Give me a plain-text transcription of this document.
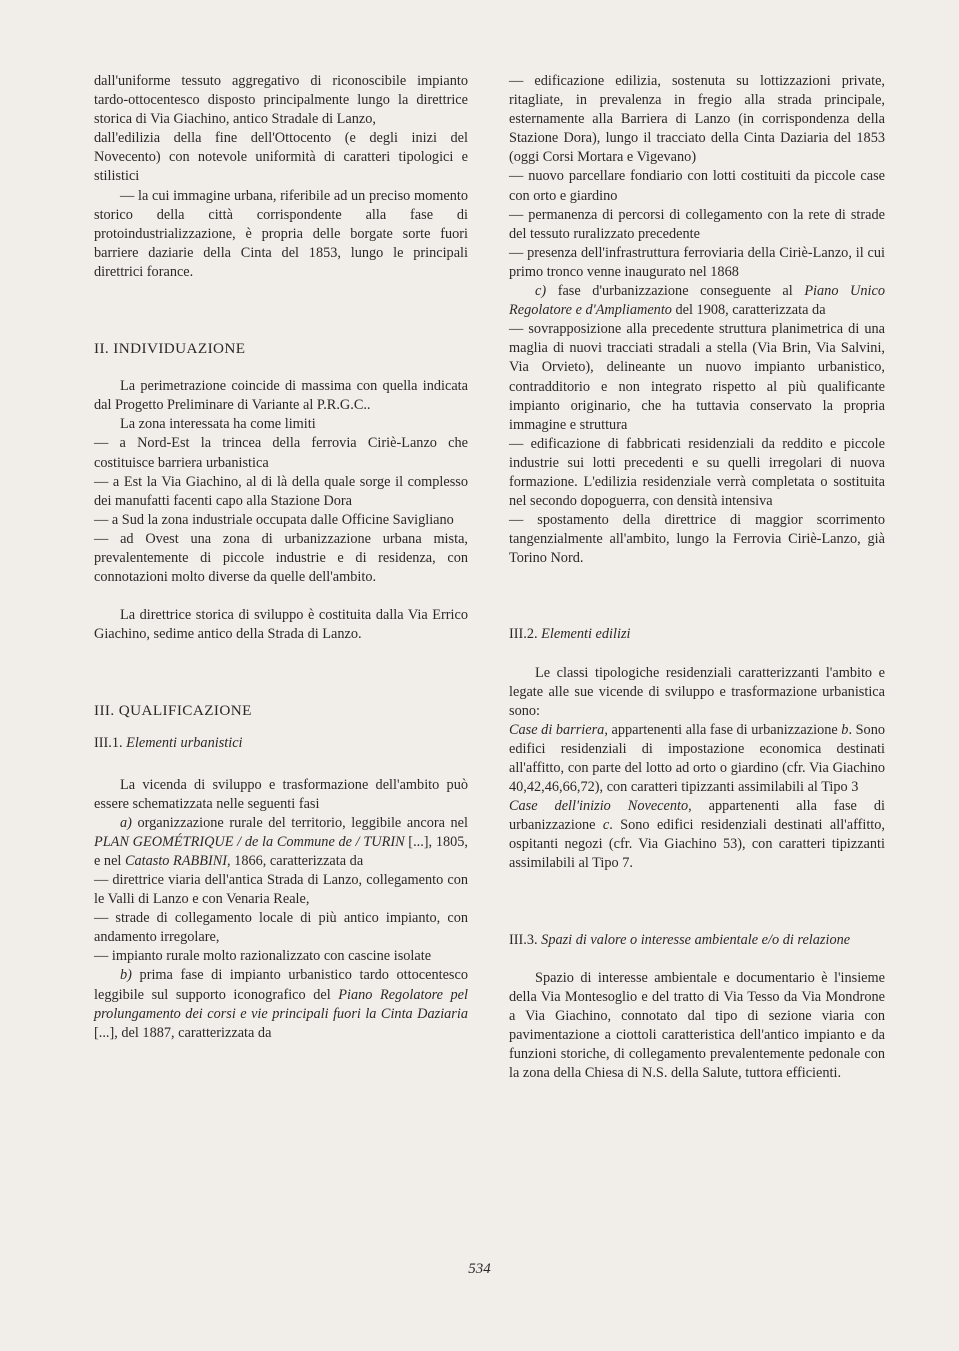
dall'uniforme tessuto aggregativo di riconoscibile impianto tardo-ottocentesco disposto principalmente lungo la direttrice storica di Via Giachino, antico Stradale di Lanzo,

dall'edilizia della fine dell'Ottocento (e degli inizi del Novecento) con notevole uniformità di caratteri tipologici e stilistici

— la cui immagine urbana, riferibile ad un preciso momento storico della città corrispondente alla fase di protoindustrializzazione, è propria delle borgate sorte fuori barriere daziarie della Cinta del 1853, lungo le principali direttrici forance.

II. INDIVIDUAZIONE

La perimetrazione coincide di massima con quella indicata dal Progetto Preliminare di Variante al P.R.G.C..

La zona interessata ha come limiti

— a Nord-Est la trincea della ferrovia Ciriè-Lanzo che costituisce barriera urbanistica

— a Est la Via Giachino, al di là della quale sorge il complesso dei manufatti facenti capo alla Stazione Dora

— a Sud la zona industriale occupata dalle Officine Savigliano

— ad Ovest una zona di urbanizzazione urbana mista, prevalentemente di piccole industrie e di residenza, con connotazioni molto diverse da quelle dell'ambito.

La direttrice storica di sviluppo è costituita dalla Via Errico Giachino, sedime antico della Strada di Lanzo.

III. QUALIFICAZIONE

III.1. Elementi urbanistici

La vicenda di sviluppo e trasformazione dell'ambito può essere schematizzata nelle seguenti fasi

a) organizzazione rurale del territorio, leggibile ancora nel PLAN GEOMÉTRIQUE / de la Commune de / TURIN [...], 1805, e nel Catasto RABBINI, 1866, caratterizzata da

— direttrice viaria dell'antica Strada di Lanzo, collegamento con le Valli di Lanzo e con Venaria Reale,

— strade di collegamento locale di più antico impianto, con andamento irregolare,

— impianto rurale molto razionalizzato con cascine isolate

b) prima fase di impianto urbanistico tardo ottocentesco leggibile sul supporto iconografico del Piano Regolatore pel prolungamento dei corsi e vie principali fuori la Cinta Daziaria [...], del 1887, caratterizzata da

— edificazione edilizia, sostenuta su lottizzazioni private, ritagliate, in prevalenza in fregio alla strada principale, esternamente alla Barriera di Lanzo (in corrispondenza della Stazione Dora), lungo il tracciato della Cinta Daziaria del 1853 (oggi Corsi Mortara e Vigevano)

— nuovo parcellare fondiario con lotti costituiti da piccole case con orto e giardino

— permanenza di percorsi di collegamento con la rete di strade del tessuto ruralizzato precedente

— presenza dell'infrastruttura ferroviaria della Ciriè-Lanzo, il cui primo tronco venne inaugurato nel 1868

c) fase d'urbanizzazione conseguente al Piano Unico Regolatore e d'Ampliamento del 1908, caratterizzata da

— sovrapposizione alla precedente struttura planimetrica di una maglia di nuovi tracciati stradali a stella (Via Brin, Via Salvini, Via Orvieto), delineante un nuovo impianto urbanistico, contradditorio e non integrato rispetto al più qualificante impianto originario, che ha tuttavia conservato la propria immagine e struttura

— edificazione di fabbricati residenziali da reddito e piccole industrie sui lotti precedenti e su quelli irregolari di nuova formazione. L'edilizia residenziale verrà completata o sostituita nel secondo dopoguerra, con densità intensiva

— spostamento della direttrice di maggior scorrimento tangenzialmente all'ambito, lungo la Ferrovia Ciriè-Lanzo, già Torino Nord.

III.2. Elementi edilizi

Le classi tipologiche residenziali caratterizzanti l'ambito e legate alle sue vicende di sviluppo e trasformazione urbanistica sono:

Case di barriera, appartenenti alla fase di urbanizzazione b. Sono edifici residenziali di impostazione economica destinati all'affitto, con parte del lotto ad orto o giardino (cfr. Via Giachino 40,42,46,66,72), con caratteri tipizzanti assimilabili al Tipo 3

Case dell'inizio Novecento, appartenenti alla fase di urbanizzazione c. Sono edifici residenziali destinati all'affitto, ospitanti negozi (cfr. Via Giachino 53), con caratteri tipizzanti assimilabili al Tipo 7.

III.3. Spazi di valore o interesse ambientale e/o di relazione

Spazio di interesse ambientale e documentario è l'insieme della Via Montesoglio e del tratto di Via Tesso da Via Mondrone a Via Giachino, connotato dal tipo di sezione viaria con pavimentazione a ciottoli caratteristica dell'antico impianto e da funzioni storiche, di collegamento prevalentemente pedonale con la zona della Chiesa di N.S. della Salute, tuttora efficienti.

534
